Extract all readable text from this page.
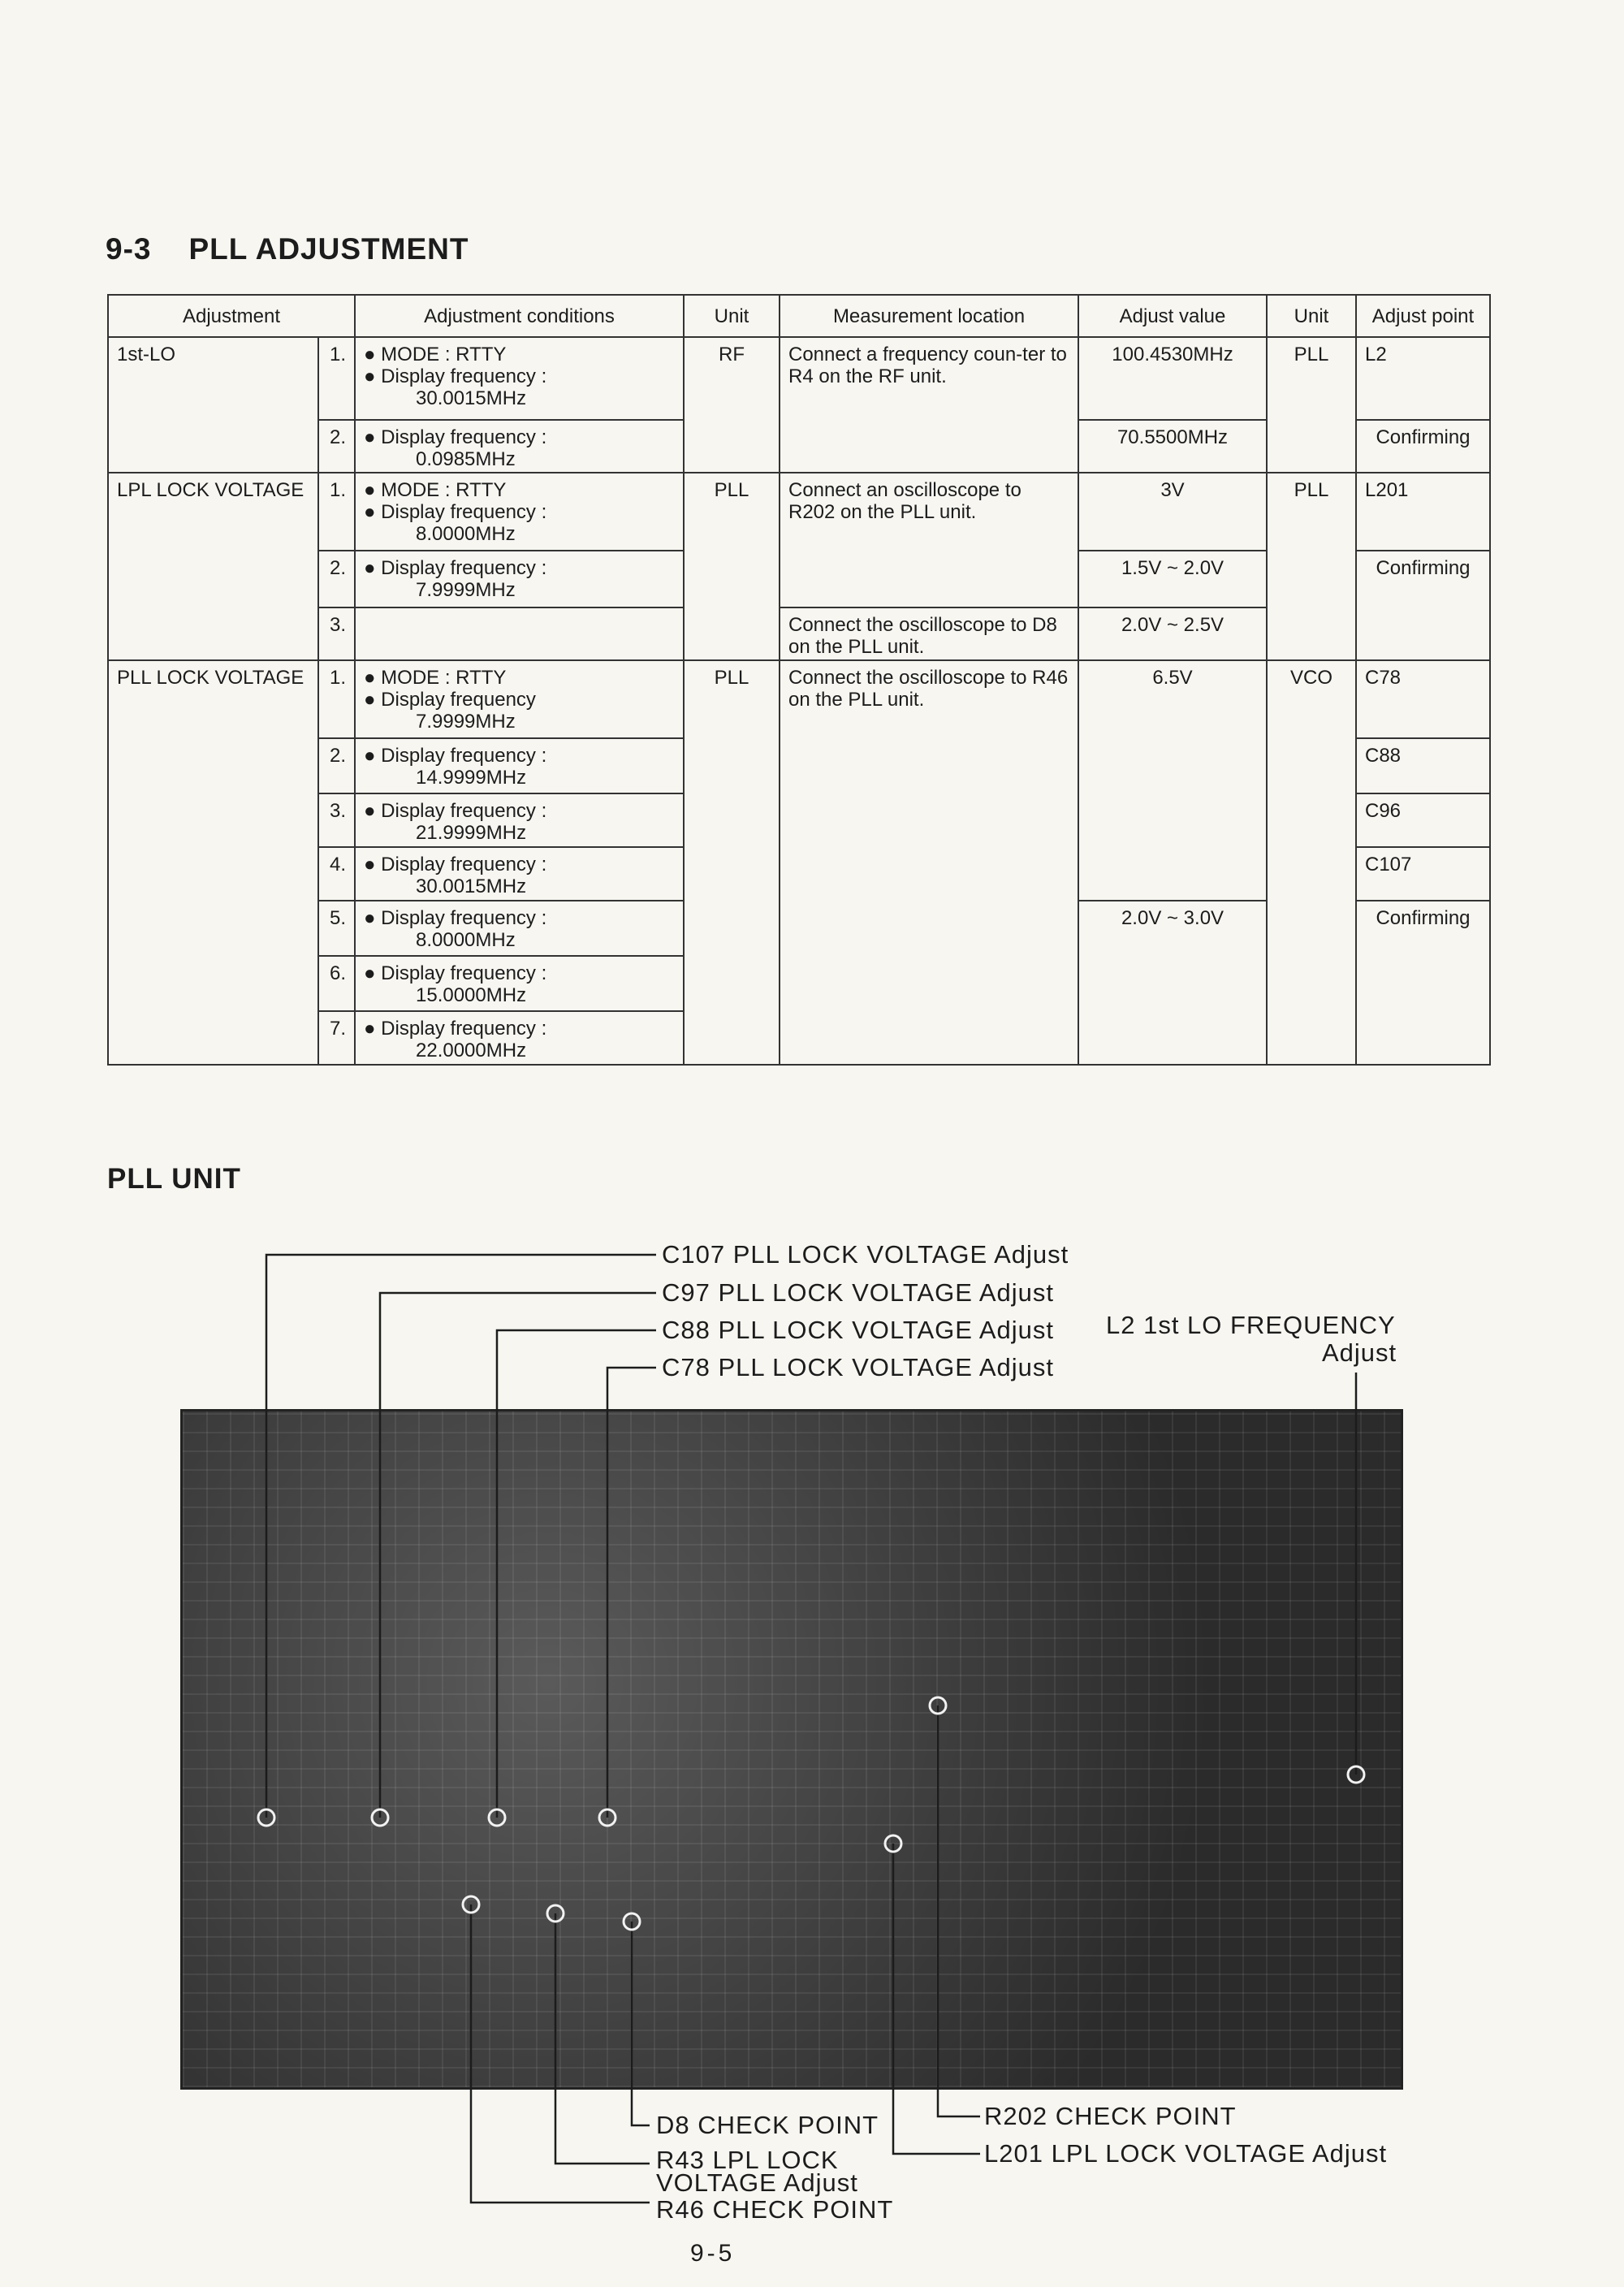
9-3 PLL ADJUSTMENT
Adjustment		Adjustment conditions	Unit	Measurement location	Adjust value	Unit	Adjust point
1st-LO	1.	● MODE : RTTY
● Display frequency :
30.0015MHz	RF	Connect a frequency coun-ter to R4 on the RF unit.	100.4530MHz	PLL	L2
	2.	● Display frequency :
0.0985MHz			70.5500MHz		Confirming
LPL LOCK VOLTAGE	1.	● MODE : RTTY
● Display frequency :
8.0000MHz	PLL	Connect an oscilloscope to R202 on the PLL unit.	3V	PLL	L201
	2.	● Display frequency :
7.9999MHz			1.5V ~ 2.0V		Confirming
	3.			Connect the oscilloscope to D8 on the PLL unit.	2.0V ~ 2.5V		
PLL LOCK VOLTAGE	1.	● MODE : RTTY
● Display frequency
7.9999MHz	PLL	Connect the oscilloscope to R46 on the PLL unit.	6.5V	VCO	C78
	2.	● Display frequency :
14.9999MHz					C88
	3.	● Display frequency :
21.9999MHz					C96
	4.	● Display frequency :
30.0015MHz					C107
	5.	● Display frequency :
8.0000MHz			2.0V ~ 3.0V		Confirming
	6.	● Display frequency :
15.0000MHz					

	7.	● Display frequency :
22.0000MHz					
PLL UNIT

C107 PLL LOCK VOLTAGE Adjust

C97 PLL LOCK VOLTAGE Adjust

C88 PLL LOCK VOLTAGE Adjust

C78 PLL LOCK VOLTAGE Adjust

L2 1st LO FREQUENCY

Adjust

D8 CHECK POINT

R43 LPL LOCK

VOLTAGE Adjust

R46 CHECK POINT

R202 CHECK POINT

L201 LPL LOCK VOLTAGE Adjust

9-5
